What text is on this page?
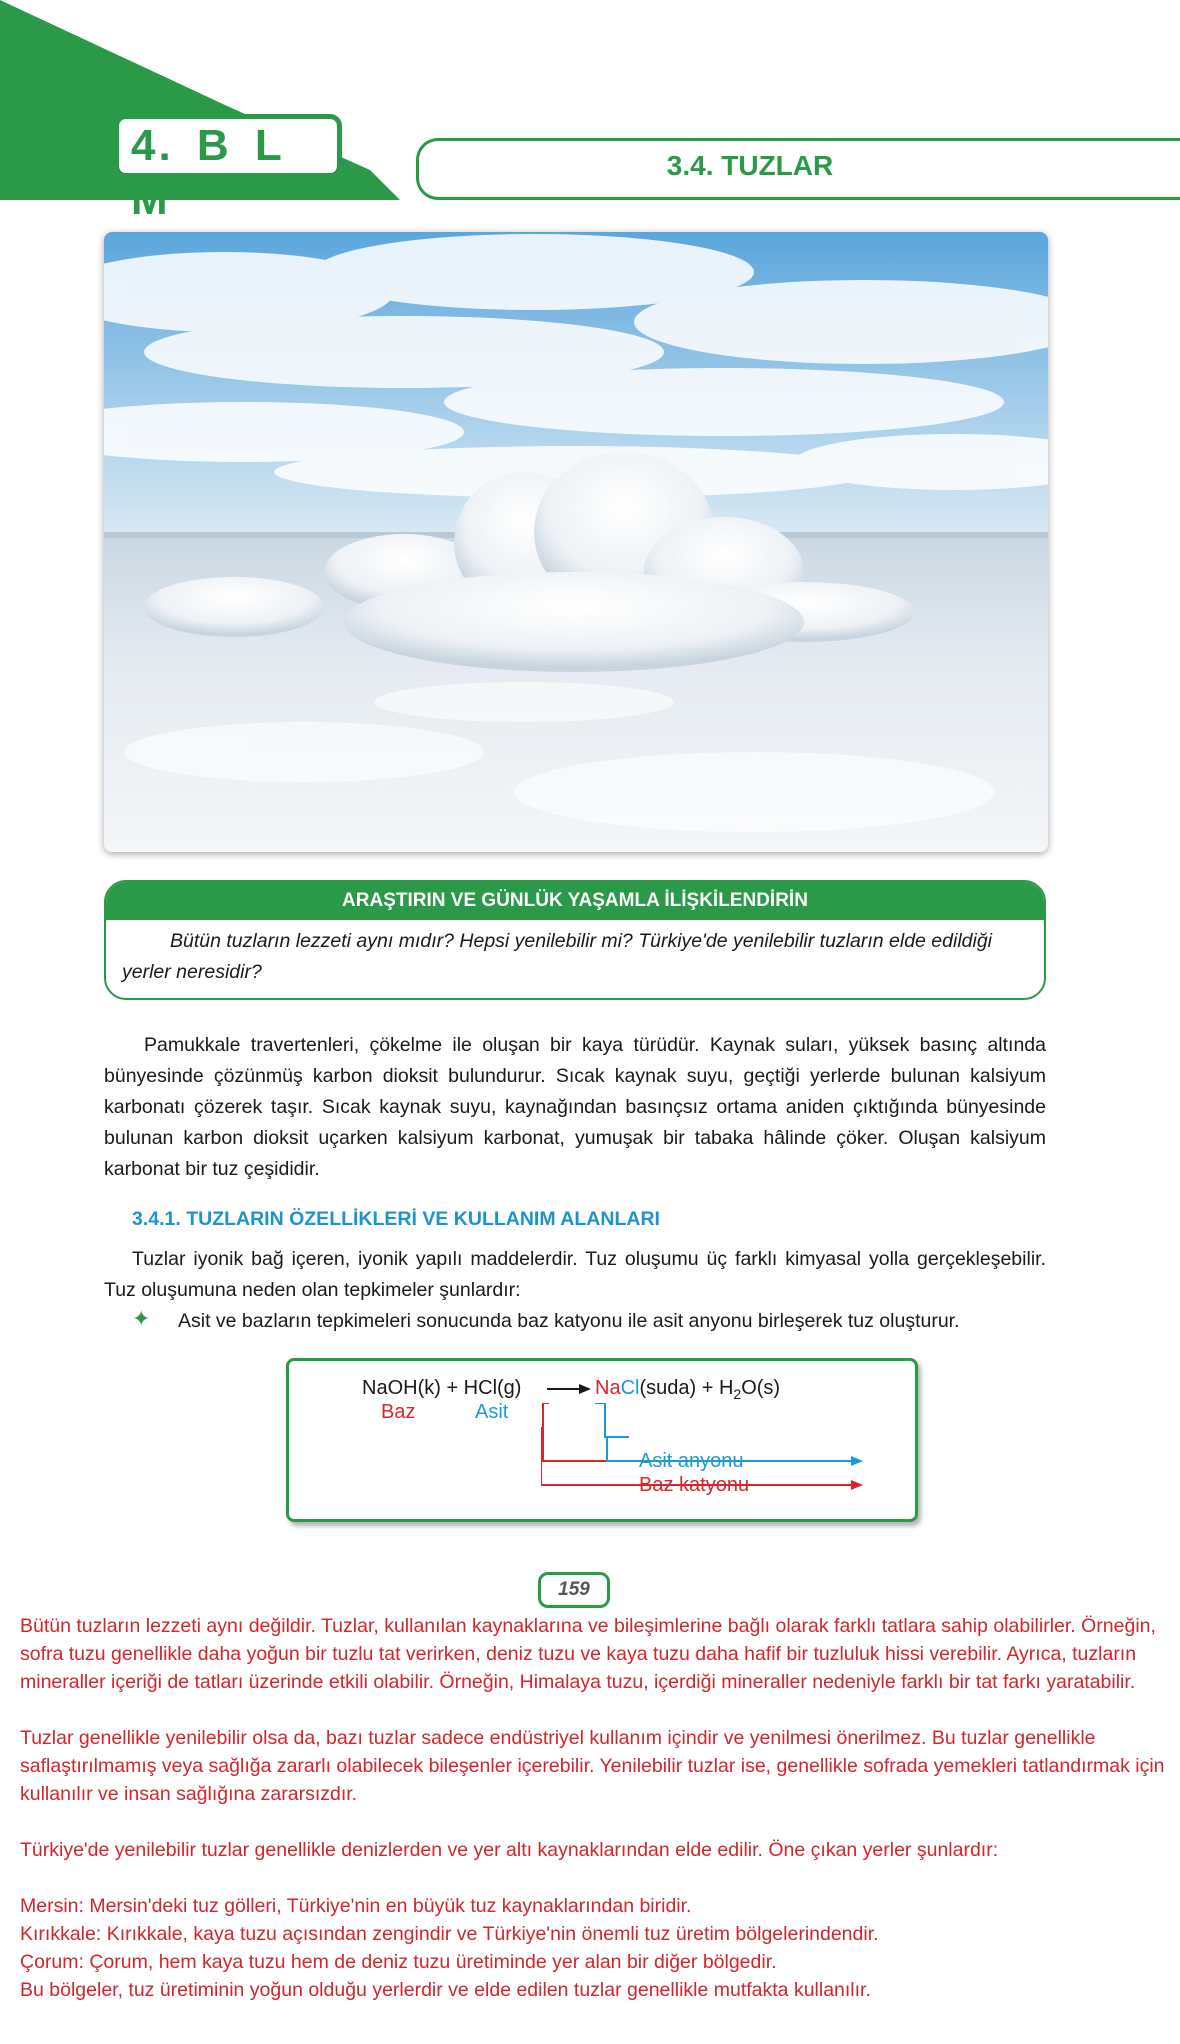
4. B L M
3.4. TUZLAR
ARAŞTIRIN VE GÜNLÜK YAŞAMLA İLİŞKİLENDİRİN
Bütün tuzların lezzeti aynı mıdır? Hepsi yenilebilir mi? Türkiye'de yenilebilir tuzların elde edildiği yerler neresidir?
Pamukkale travertenleri, çökelme ile oluşan bir kaya türüdür. Kaynak suları, yüksek basınç altında bünyesinde çözünmüş karbon dioksit bulundurur. Sıcak kaynak suyu, geçtiği yerlerde bulunan kalsiyum karbonatı çözerek taşır. Sıcak kaynak suyu, kaynağından basınçsız ortama aniden çıktığında bünyesinde bulunan karbon dioksit uçarken kalsiyum karbonat, yumuşak bir tabaka hâlinde çöker. Oluşan kalsiyum karbonat bir tuz çeşididir.
3.4.1. TUZLARIN ÖZELLİKLERİ VE KULLANIM ALANLARI
Tuzlar iyonik bağ içeren, iyonik yapılı maddelerdir. Tuz oluşumu üç farklı kimyasal yolla gerçekleşebilir. Tuz oluşumuna neden olan tepkimeler şunlardır:
✦ Asit ve bazların tepkimeleri sonucunda baz katyonu ile asit anyonu birleşerek tuz oluşturur.
NaOH(k) + HCl(g) → NaCl(suda) + $H_2O(s)$
Baz	Asit
Asit anyonu
Baz katyonu
159

Bütün tuzların lezzeti aynı değildir. Tuzlar, kullanılan kaynaklarına ve bileşimlerine bağlı olarak farklı tatlara sahip olabilirler. Örneğin, sofra tuzu genellikle daha yoğun bir tuzlu tat verirken, deniz tuzu ve kaya tuzu daha hafif bir tuzluluk hissi verebilir. Ayrıca, tuzların mineraller içeriği de tatları üzerinde etkili olabilir. Örneğin, Himalaya tuzu, içerdiği mineraller nedeniyle farklı bir tat farkı yaratabilir.

Tuzlar genellikle yenilebilir olsa da, bazı tuzlar sadece endüstriyel kullanım içindir ve yenilmesi önerilmez. Bu tuzlar genellikle saflaştırılmamış veya sağlığa zararlı olabilecek bileşenler içerebilir. Yenilebilir tuzlar ise, genellikle sofrada yemekleri tatlandırmak için kullanılır ve insan sağlığına zararsızdır.

Türkiye'de yenilebilir tuzlar genellikle denizlerden ve yer altı kaynaklarından elde edilir. Öne çıkan yerler şunlardır:

Mersin: Mersin'deki tuz gölleri, Türkiye'nin en büyük tuz kaynaklarından biridir.

Kırıkkale: Kırıkkale, kaya tuzu açısından zengindir ve Türkiye'nin önemli tuz üretim bölgelerindendir.

Çorum: Çorum, hem kaya tuzu hem de deniz tuzu üretiminde yer alan bir diğer bölgedir.

Bu bölgeler, tuz üretiminin yoğun olduğu yerlerdir ve elde edilen tuzlar genellikle mutfakta kullanılır.
